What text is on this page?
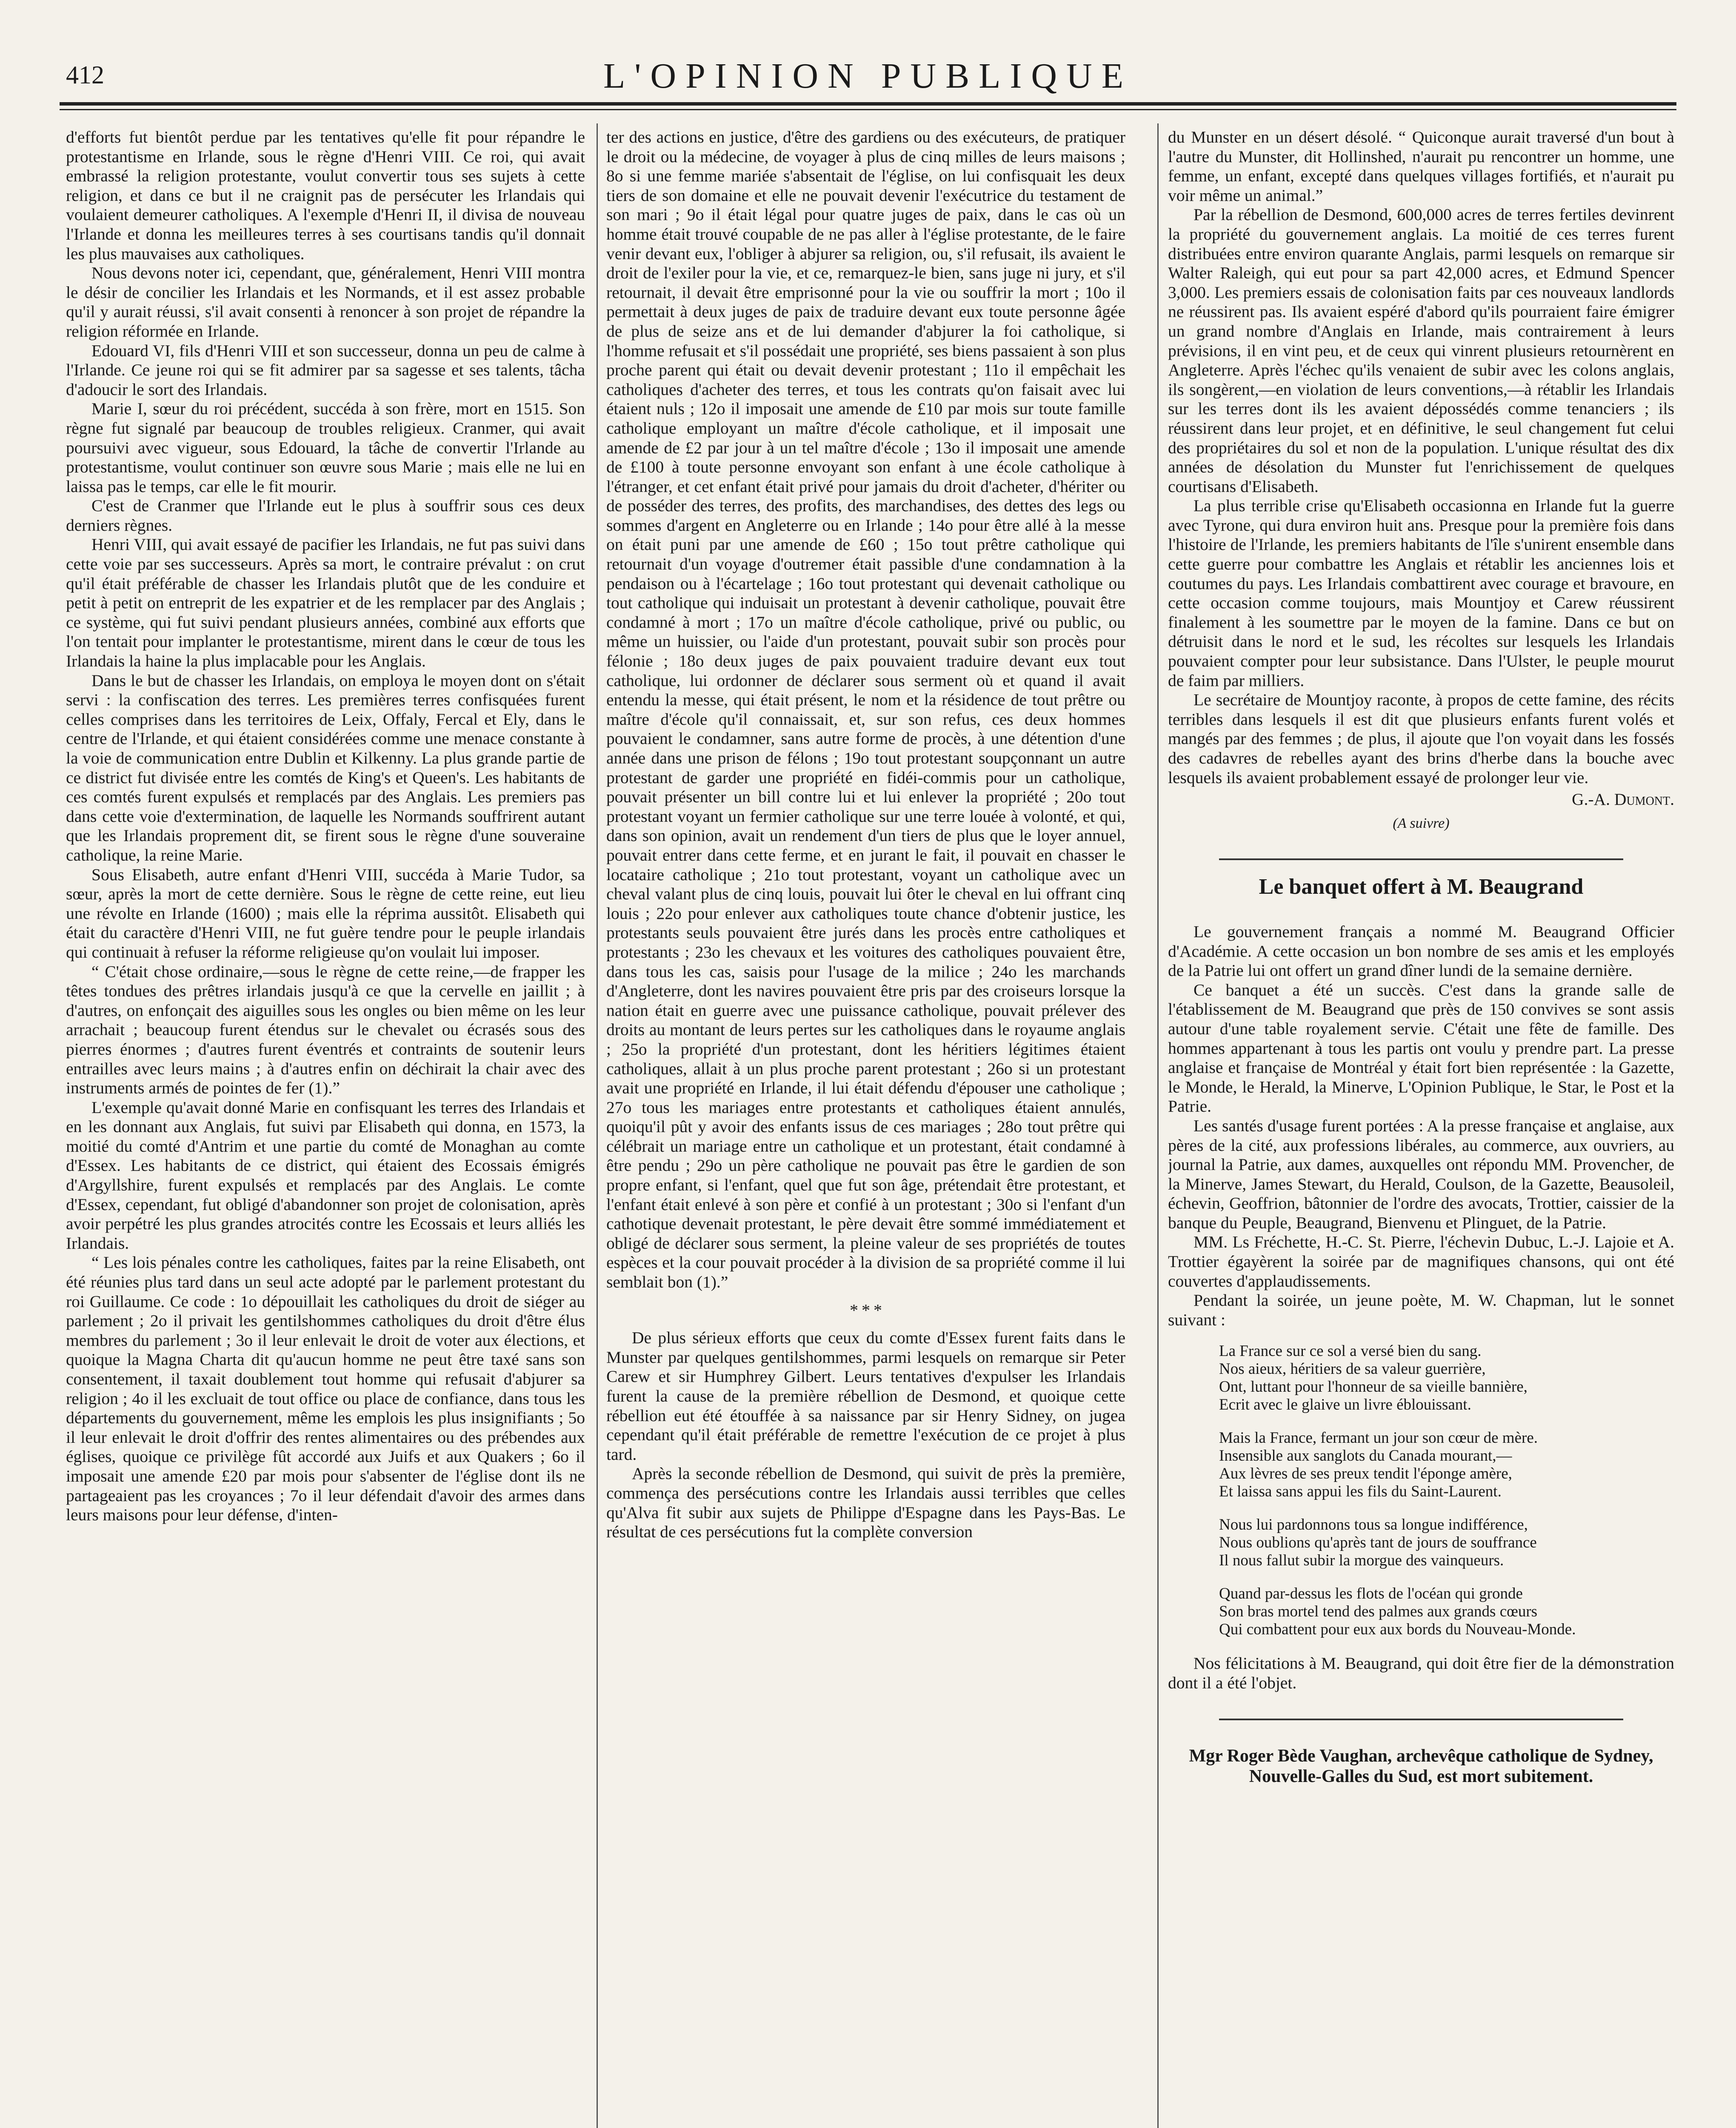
412	L'OPINION PUBLIQUE

d'efforts fut bientôt perdue par les tentatives qu'elle fit pour répandre le protestantisme en Irlande, sous le règne d'Henri VIII. Ce roi, qui avait embrassé la religion protestante, voulut convertir tous ses sujets à cette religion, et dans ce but il ne craignit pas de persécuter les Irlandais qui voulaient demeurer catholiques. A l'exemple d'Henri II, il divisa de nouveau l'Irlande et donna les meilleures terres à ses courtisans tandis qu'il donnait les plus mauvaises aux catholiques.

Nous devons noter ici, cependant, que, généralement, Henri VIII montra le désir de concilier les Irlandais et les Normands, et il est assez probable qu'il y aurait réussi, s'il avait consenti à renoncer à son projet de répandre la religion réformée en Irlande.

Edouard VI, fils d'Henri VIII et son successeur, donna un peu de calme à l'Irlande. Ce jeune roi qui se fit admirer par sa sagesse et ses talents, tâcha d'adoucir le sort des Irlandais.

Marie I, sœur du roi précédent, succéda à son frère, mort en 1515. Son règne fut signalé par beaucoup de troubles religieux. Cranmer, qui avait poursuivi avec vigueur, sous Edouard, la tâche de convertir l'Irlande au protestantisme, voulut continuer son œuvre sous Marie ; mais elle ne lui en laissa pas le temps, car elle le fit mourir.

C'est de Cranmer que l'Irlande eut le plus à souffrir sous ces deux derniers règnes.

Henri VIII, qui avait essayé de pacifier les Irlandais, ne fut pas suivi dans cette voie par ses successeurs. Après sa mort, le contraire prévalut : on crut qu'il était préférable de chasser les Irlandais plutôt que de les conduire et petit à petit on entreprit de les expatrier et de les remplacer par des Anglais ; ce système, qui fut suivi pendant plusieurs années, combiné aux efforts que l'on tentait pour implanter le protestantisme, mirent dans le cœur de tous les Irlandais la haine la plus implacable pour les Anglais.

Dans le but de chasser les Irlandais, on employa le moyen dont on s'était servi : la confiscation des terres. Les premières terres confisquées furent celles comprises dans les territoires de Leix, Offaly, Fercal et Ely, dans le centre de l'Irlande, et qui étaient considérées comme une menace constante à la voie de communication entre Dublin et Kilkenny. La plus grande partie de ce district fut divisée entre les comtés de King's et Queen's. Les habitants de ces comtés furent expulsés et remplacés par des Anglais. Les premiers pas dans cette voie d'extermination, de laquelle les Normands souffrirent autant que les Irlandais proprement dit, se firent sous le règne d'une souveraine catholique, la reine Marie.

Sous Elisabeth, autre enfant d'Henri VIII, succéda à Marie Tudor, sa sœur, après la mort de cette dernière. Sous le règne de cette reine, eut lieu une révolte en Irlande (1600) ; mais elle la réprima aussitôt. Elisabeth qui était du caractère d'Henri VIII, ne fut guère tendre pour le peuple irlandais qui continuait à refuser la réforme religieuse qu'on voulait lui imposer.

“ C'était chose ordinaire,—sous le règne de cette reine,—de frapper les têtes tondues des prêtres irlandais jusqu'à ce que la cervelle en jaillit ; à d'autres, on enfonçait des aiguilles sous les ongles ou bien même on les leur arrachait ; beaucoup furent étendus sur le chevalet ou écrasés sous des pierres énormes ; d'autres furent éventrés et contraints de soutenir leurs entrailles avec leurs mains ; à d'autres enfin on déchirait la chair avec des instruments armés de pointes de fer (1).”

L'exemple qu'avait donné Marie en confisquant les terres des Irlandais et en les donnant aux Anglais, fut suivi par Elisabeth qui donna, en 1573, la moitié du comté d'Antrim et une partie du comté de Monaghan au comte d'Essex. Les habitants de ce district, qui étaient des Ecossais émigrés d'Argyllshire, furent expulsés et remplacés par des Anglais. Le comte d'Essex, cependant, fut obligé d'abandonner son projet de colonisation, après avoir perpétré les plus grandes atrocités contre les Ecossais et leurs alliés les Irlandais.

“ Les lois pénales contre les catholiques, faites par la reine Elisabeth, ont été réunies plus tard dans un seul acte adopté par le parlement protestant du roi Guillaume. Ce code : 1o dépouillait les catholiques du droit de siéger au parlement ; 2o il privait les gentilshommes catholiques du droit d'être élus membres du parlement ; 3o il leur enlevait le droit de voter aux élections, et quoique la Magna Charta dit qu'aucun homme ne peut être taxé sans son consentement, il taxait doublement tout homme qui refusait d'abjurer sa religion ; 4o il les excluait de tout office ou place de confiance, dans tous les départements du gouvernement, même les emplois les plus insignifiants ; 5o il leur enlevait le droit d'offrir des rentes alimentaires ou des prébendes aux églises, quoique ce privilège fût accordé aux Juifs et aux Quakers ; 6o il imposait une amende £20 par mois pour s'absenter de l'église dont ils ne partageaient pas les croyances ; 7o il leur défendait d'avoir des armes dans leurs maisons pour leur défense, d'inten-

ter des actions en justice, d'être des gardiens ou des exécuteurs, de pratiquer le droit ou la médecine, de voyager à plus de cinq milles de leurs maisons ; 8o si une femme mariée s'absentait de l'église, on lui confisquait les deux tiers de son domaine et elle ne pouvait devenir l'exécutrice du testament de son mari ; 9o il était légal pour quatre juges de paix, dans le cas où un homme était trouvé coupable de ne pas aller à l'église protestante, de le faire venir devant eux, l'obliger à abjurer sa religion, ou, s'il refusait, ils avaient le droit de l'exiler pour la vie, et ce, remarquez-le bien, sans juge ni jury, et s'il retournait, il devait être emprisonné pour la vie ou souffrir la mort ; 10o il permettait à deux juges de paix de traduire devant eux toute personne âgée de plus de seize ans et de lui demander d'abjurer la foi catholique, si l'homme refusait et s'il possédait une propriété, ses biens passaient à son plus proche parent qui était ou devait devenir protestant ; 11o il empêchait les catholiques d'acheter des terres, et tous les contrats qu'on faisait avec lui étaient nuls ; 12o il imposait une amende de £10 par mois sur toute famille catholique employant un maître d'école catholique, et il imposait une amende de £2 par jour à un tel maître d'école ; 13o il imposait une amende de £100 à toute personne envoyant son enfant à une école catholique à l'étranger, et cet enfant était privé pour jamais du droit d'acheter, d'hériter ou de posséder des terres, des profits, des marchandises, des dettes des legs ou sommes d'argent en Angleterre ou en Irlande ; 14o pour être allé à la messe on était puni par une amende de £60 ; 15o tout prêtre catholique qui retournait d'un voyage d'outremer était passible d'une condamnation à la pendaison ou à l'écartelage ; 16o tout protestant qui devenait catholique ou tout catholique qui induisait un protestant à devenir catholique, pouvait être condamné à mort ; 17o un maître d'école catholique, privé ou public, ou même un huissier, ou l'aide d'un protestant, pouvait subir son procès pour félonie ; 18o deux juges de paix pouvaient traduire devant eux tout catholique, lui ordonner de déclarer sous serment où et quand il avait entendu la messe, qui était présent, le nom et la résidence de tout prêtre ou maître d'école qu'il connaissait, et, sur son refus, ces deux hommes pouvaient le condamner, sans autre forme de procès, à une détention d'une année dans une prison de félons ; 19o tout protestant soupçonnant un autre protestant de garder une propriété en fidéi-commis pour un catholique, pouvait présenter un bill contre lui et lui enlever la propriété ; 20o tout protestant voyant un fermier catholique sur une terre louée à volonté, et qui, dans son opinion, avait un rendement d'un tiers de plus que le loyer annuel, pouvait entrer dans cette ferme, et en jurant le fait, il pouvait en chasser le locataire catholique ; 21o tout protestant, voyant un catholique avec un cheval valant plus de cinq louis, pouvait lui ôter le cheval en lui offrant cinq louis ; 22o pour enlever aux catholiques toute chance d'obtenir justice, les protestants seuls pouvaient être jurés dans les procès entre catholiques et protestants ; 23o les chevaux et les voitures des catholiques pouvaient être, dans tous les cas, saisis pour l'usage de la milice ; 24o les marchands d'Angleterre, dont les navires pouvaient être pris par des croiseurs lorsque la nation était en guerre avec une puissance catholique, pouvait prélever des droits au montant de leurs pertes sur les catholiques dans le royaume anglais ; 25o la propriété d'un protestant, dont les héritiers légitimes étaient catholiques, allait à un plus proche parent protestant ; 26o si un protestant avait une propriété en Irlande, il lui était défendu d'épouser une catholique ; 27o tous les mariages entre protestants et catholiques étaient annulés, quoiqu'il pût y avoir des enfants issus de ces mariages ; 28o tout prêtre qui célébrait un mariage entre un catholique et un protestant, était condamné à être pendu ; 29o un père catholique ne pouvait pas être le gardien de son propre enfant, si l'enfant, quel que fut son âge, prétendait être protestant, et l'enfant était enlevé à son père et confié à un protestant ; 30o si l'enfant d'un cathotique devenait protestant, le père devait être sommé immédiatement et obligé de déclarer sous serment, la pleine valeur de ses propriétés de toutes espèces et la cour pouvait procéder à la division de sa propriété comme il lui semblait bon (1).”

* * *

De plus sérieux efforts que ceux du comte d'Essex furent faits dans le Munster par quelques gentilshommes, parmi lesquels on remarque sir Peter Carew et sir Humphrey Gilbert. Leurs tentatives d'expulser les Irlandais furent la cause de la première rébellion de Desmond, et quoique cette rébellion eut été étouffée à sa naissance par sir Henry Sidney, on jugea cependant qu'il était préférable de remettre l'exécution de ce projet à plus tard.

Après la seconde rébellion de Desmond, qui suivit de près la première, commença des persécutions contre les Irlandais aussi terribles que celles qu'Alva fit subir aux sujets de Philippe d'Espagne dans les Pays-Bas. Le résultat de ces persécutions fut la complète conversion

du Munster en un désert désolé. “ Quiconque aurait traversé d'un bout à l'autre du Munster, dit Hollinshed, n'aurait pu rencontrer un homme, une femme, un enfant, excepté dans quelques villages fortifiés, et n'aurait pu voir même un animal.”

Par la rébellion de Desmond, 600,000 acres de terres fertiles devinrent la propriété du gouvernement anglais. La moitié de ces terres furent distribuées entre environ quarante Anglais, parmi lesquels on remarque sir Walter Raleigh, qui eut pour sa part 42,000 acres, et Edmund Spencer 3,000. Les premiers essais de colonisation faits par ces nouveaux landlords ne réussirent pas. Ils avaient espéré d'abord qu'ils pourraient faire émigrer un grand nombre d'Anglais en Irlande, mais contrairement à leurs prévisions, il en vint peu, et de ceux qui vinrent plusieurs retournèrent en Angleterre. Après l'échec qu'ils venaient de subir avec les colons anglais, ils songèrent,—en violation de leurs conventions,—à rétablir les Irlandais sur les terres dont ils les avaient dépossédés comme tenanciers ; ils réussirent dans leur projet, et en définitive, le seul changement fut celui des propriétaires du sol et non de la population. L'unique résultat des dix années de désolation du Munster fut l'enrichissement de quelques courtisans d'Elisabeth.

La plus terrible crise qu'Elisabeth occasionna en Irlande fut la guerre avec Tyrone, qui dura environ huit ans. Presque pour la première fois dans l'histoire de l'Irlande, les premiers habitants de l'île s'unirent ensemble dans cette guerre pour combattre les Anglais et rétablir les anciennes lois et coutumes du pays. Les Irlandais combattirent avec courage et bravoure, en cette occasion comme toujours, mais Mountjoy et Carew réussirent finalement à les soumettre par le moyen de la famine. Dans ce but on détruisit dans le nord et le sud, les récoltes sur lesquels les Irlandais pouvaient compter pour leur subsistance. Dans l'Ulster, le peuple mourut de faim par milliers.

Le secrétaire de Mountjoy raconte, à propos de cette famine, des récits terribles dans lesquels il est dit que plusieurs enfants furent volés et mangés par des femmes ; de plus, il ajoute que l'on voyait dans les fossés des cadavres de rebelles ayant des brins d'herbe dans la bouche avec lesquels ils avaient probablement essayé de prolonger leur vie.

G.-A. Dumont.
(A suivre)
Le banquet offert à M. Beaugrand

Le gouvernement français a nommé M. Beaugrand Officier d'Académie. A cette occasion un bon nombre de ses amis et les employés de la Patrie lui ont offert un grand dîner lundi de la semaine dernière.

Ce banquet a été un succès. C'est dans la grande salle de l'établissement de M. Beaugrand que près de 150 convives se sont assis autour d'une table royalement servie. C'était une fête de famille. Des hommes appartenant à tous les partis ont voulu y prendre part. La presse anglaise et française de Montréal y était fort bien représentée : la Gazette, le Monde, le Herald, la Minerve, L'Opinion Publique, le Star, le Post et la Patrie.

Les santés d'usage furent portées : A la presse française et anglaise, aux pères de la cité, aux professions libérales, au commerce, aux ouvriers, au journal la Patrie, aux dames, auxquelles ont répondu MM. Provencher, de la Minerve, James Stewart, du Herald, Coulson, de la Gazette, Beausoleil, échevin, Geoffrion, bâtonnier de l'ordre des avocats, Trottier, caissier de la banque du Peuple, Beaugrand, Bienvenu et Plinguet, de la Patrie.

MM. Ls Fréchette, H.-C. St. Pierre, l'échevin Dubuc, L.-J. Lajoie et A. Trottier égayèrent la soirée par de magnifiques chansons, qui ont été couvertes d'applaudissements.

Pendant la soirée, un jeune poète, M. W. Chapman, lut le sonnet suivant :

La France sur ce sol a versé bien du sang.
Nos aieux, héritiers de sa valeur guerrière,
Ont, luttant pour l'honneur de sa vieille bannière,
Ecrit avec le glaive un livre éblouissant.
Mais la France, fermant un jour son cœur de mère.
Insensible aux sanglots du Canada mourant,—
Aux lèvres de ses preux tendit l'éponge amère,
Et laissa sans appui les fils du Saint-Laurent.
Nous lui pardonnons tous sa longue indifférence,
Nous oublions qu'après tant de jours de souffrance
Il nous fallut subir la morgue des vainqueurs.
Quand par-dessus les flots de l'océan qui gronde
Son bras mortel tend des palmes aux grands cœurs
Qui combattent pour eux aux bords du Nouveau-Monde.

Nos félicitations à M. Beaugrand, qui doit être fier de la démonstration dont il a été l'objet.

Mgr Roger Bède Vaughan, archevêque catholique de Sydney, Nouvelle-Galles du Sud, est mort subitement.
